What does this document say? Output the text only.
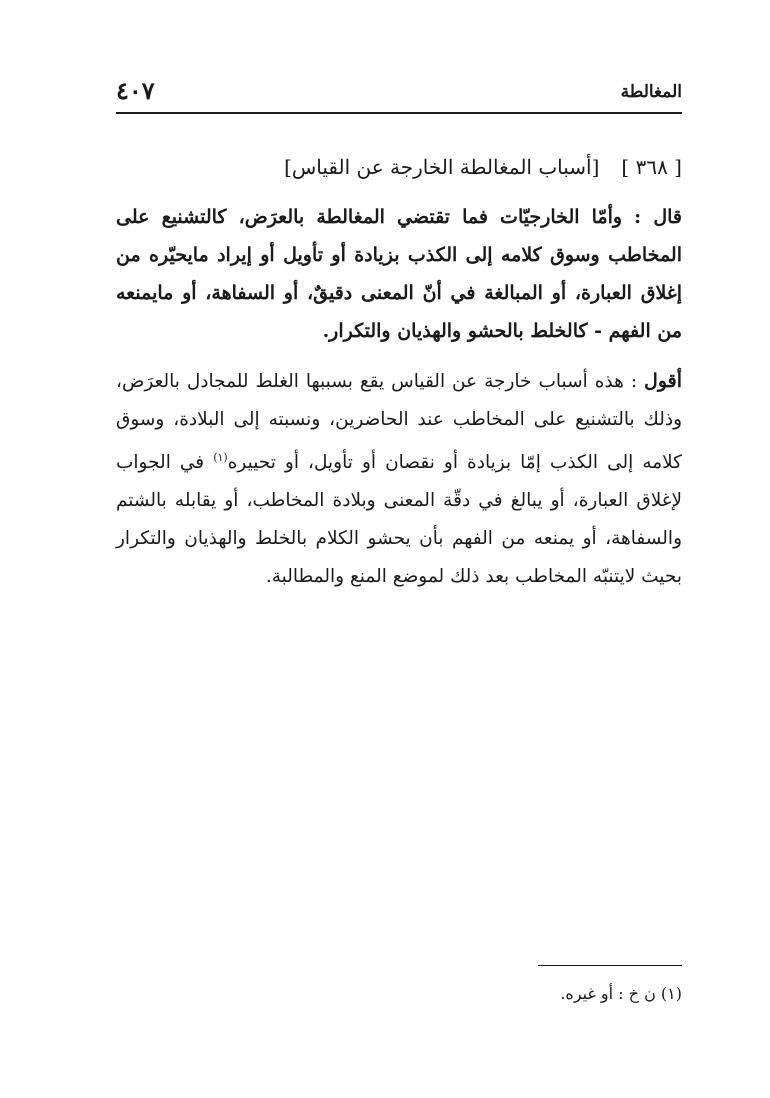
المغالطة
٤٠٧
[ ٣٦٨ ][أسباب المغالطة الخارجة عن القياس]

قال : وأمّا الخارجيّات فما تقتضي المغالطة بالعرَض، كالتشنيع على المخاطب وسوق كلامه إلى الكذب بزيادة أو تأويل أو إيراد مايحيّره من إغلاق العبارة، أو المبالغة في أنّ المعنى دقيقٌ، أو السفاهة، أو مايمنعه من الفهم - كالخلط بالحشو والهذيان والتكرار.

أقول : هذه أسباب خارجة عن القياس يقع بسببها الغلط للمجادل بالعرَض، وذلك بالتشنيع على المخاطب عند الحاضرين، ونسبته إلى البلادة، وسوق كلامه إلى الكذب إمّا بزيادة أو نقصان أو تأويل، أو تحييره$^{(١)}$ في الجواب لإغلاق العبارة، أو يبالغ في دقّة المعنى وبلادة المخاطب، أو يقابله بالشتم والسفاهة، أو يمنعه من الفهم بأن يحشو الكلام بالخلط والهذيان والتكرار بحيث لايتنبّه المخاطب بعد ذلك لموضع المنع والمطالبة.

(١) ن خ : أو غيره.
